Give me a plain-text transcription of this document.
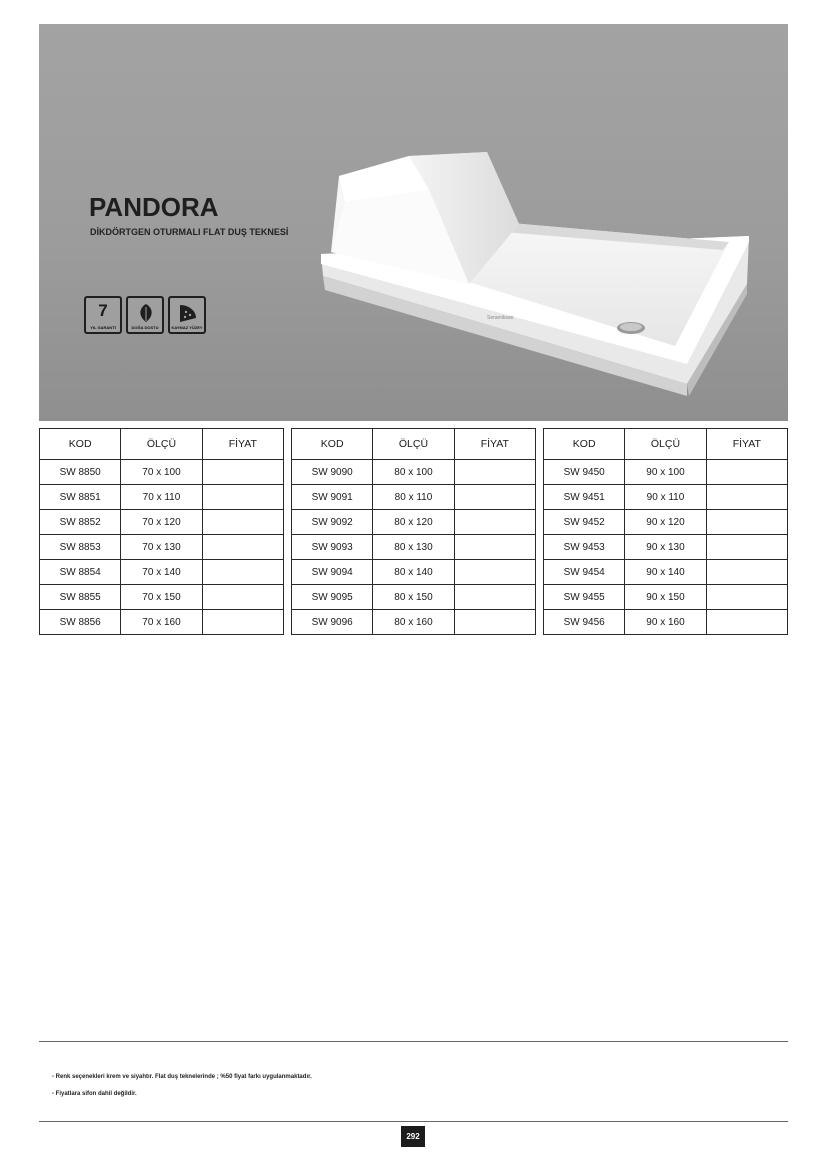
Seramiksan
PANDORA
DİKDÖRTGEN OTURMALI FLAT DUŞ TEKNESİ
7
YIL GARANTİ	DOĞA DOSTU	KAYMAZ YÜZEY
KOD	ÖLÇÜ	FİYAT
SW 8850	70 x 100	
SW 8851	70 x 110	
SW 8852	70 x 120	
SW 8853	70 x 130	
SW 8854	70 x 140	
SW 8855	70 x 150	
SW 8856	70 x 160	
KOD	ÖLÇÜ	FİYAT
SW 9090	80 x 100	
SW 9091	80 x 110	
SW 9092	80 x 120	
SW 9093	80 x 130	
SW 9094	80 x 140	
SW 9095	80 x 150	
SW 9096	80 x 160	
KOD	ÖLÇÜ	FİYAT
SW 9450	90 x 100	
SW 9451	90 x 110	
SW 9452	90 x 120	
SW 9453	90 x 130	
SW 9454	90 x 140	
SW 9455	90 x 150	
SW 9456	90 x 160	
- Renk seçenekleri krem ve siyahtır. Flat duş teknelerinde ; %50 fiyat farkı uygulanmaktadır.
- Fiyatlara sifon dahil değildir.
292
